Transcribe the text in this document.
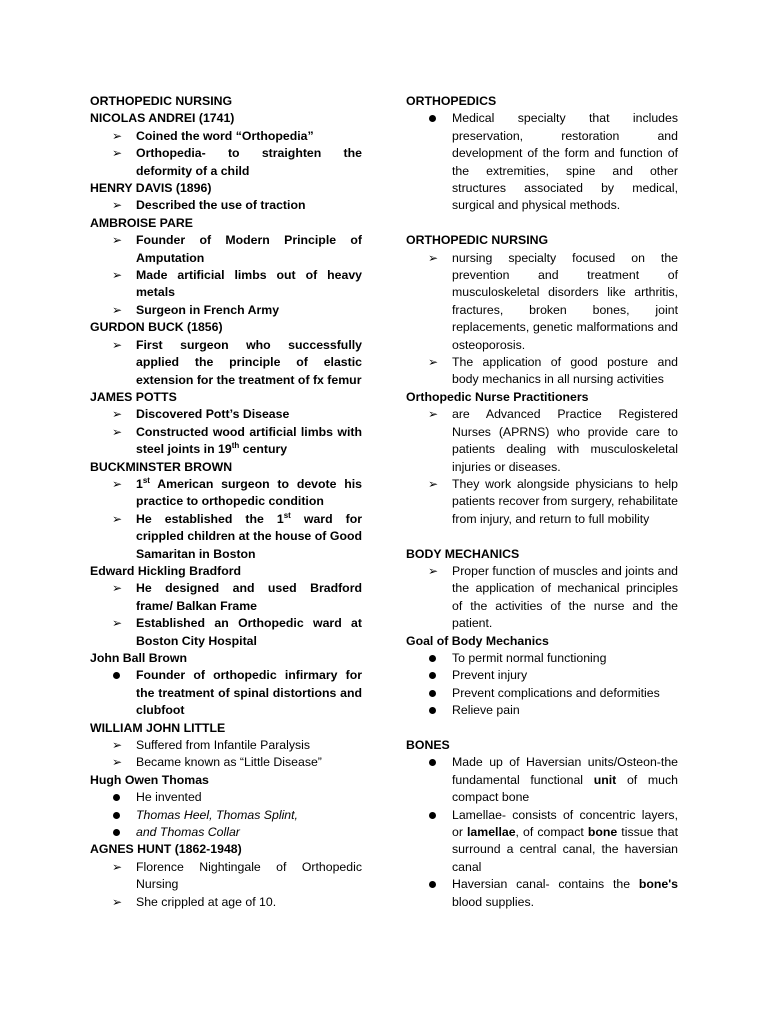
ORTHOPEDIC NURSING
NICOLAS ANDREI (1741)
➢ Coined the word “Orthopedia”
➢ Orthopedia- to straighten the deformity of a child
HENRY DAVIS (1896)
➢ Described the use of traction
AMBROISE PARE
➢ Founder of Modern Principle of Amputation
➢ Made artificial limbs out of heavy metals
➢ Surgeon in French Army
GURDON BUCK (1856)
➢ First surgeon who successfully applied the principle of elastic extension for the treatment of fx femur
JAMES POTTS
➢ Discovered Pott’s Disease
➢ Constructed wood artificial limbs with steel joints in 19th century
BUCKMINSTER BROWN
➢ 1st American surgeon to devote his practice to orthopedic condition
➢ He established the 1st ward for crippled children at the house of Good Samaritan in Boston
Edward Hickling Bradford
➢ He designed and used Bradford frame/ Balkan Frame
➢ Established an Orthopedic ward at Boston City Hospital
John Ball Brown
Founder of orthopedic infirmary for the treatment of spinal distortions and clubfoot
WILLIAM JOHN LITTLE
➢ Suffered from Infantile Paralysis
➢ Became known as “Little Disease”
Hugh Owen Thomas
He invented
Thomas Heel, Thomas Splint,
and Thomas Collar
AGNES HUNT (1862-1948)
➢ Florence Nightingale of Orthopedic Nursing
➢ She crippled at age of 10.
ORTHOPEDICS
Medical specialty that includes preservation, restoration and development of the form and function of the extremities, spine and other structures associated by medical, surgical and physical methods.
ORTHOPEDIC NURSING
➢ nursing specialty focused on the prevention and treatment of musculoskeletal disorders like arthritis, fractures, broken bones, joint replacements, genetic malformations and osteoporosis.
➢ The application of good posture and body mechanics in all nursing activities
Orthopedic Nurse Practitioners
➢ are Advanced Practice Registered Nurses (APRNS) who provide care to patients dealing with musculoskeletal injuries or diseases.
➢ They work alongside physicians to help patients recover from surgery, rehabilitate from injury, and return to full mobility
BODY MECHANICS
➢ Proper function of muscles and joints and the application of mechanical principles of the activities of the nurse and the patient.
Goal of Body Mechanics
To permit normal functioning
Prevent injury
Prevent complications and deformities
Relieve pain
BONES
Made up of Haversian units/Osteon-the fundamental functional unit of much compact bone
Lamellae- consists of concentric layers, or lamellae, of compact bone tissue that surround a central canal, the haversian canal
Haversian canal- contains the bone's blood supplies.
